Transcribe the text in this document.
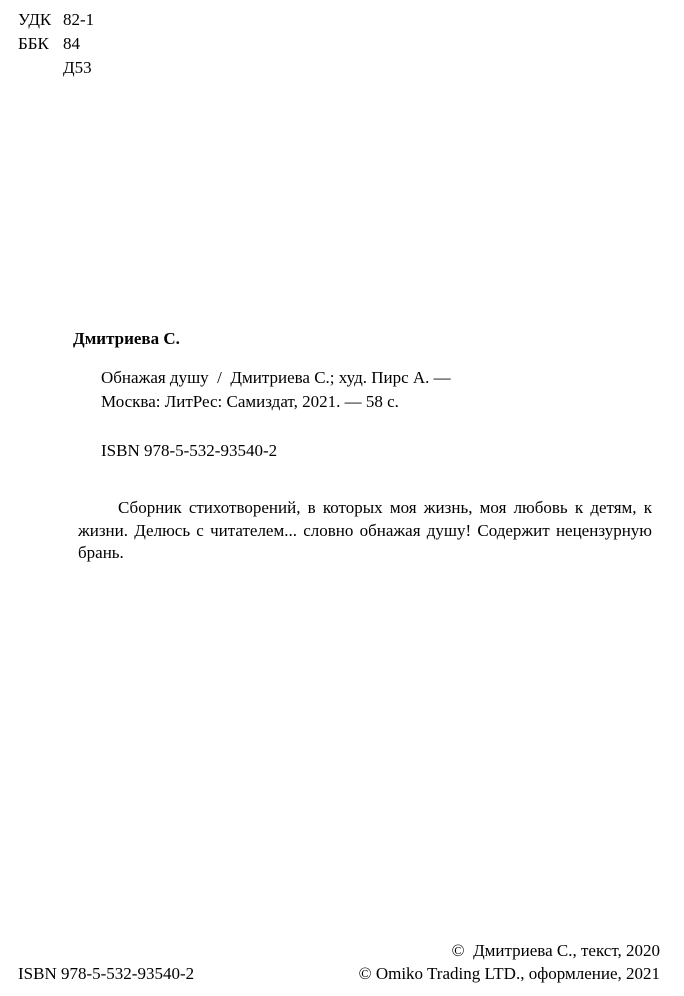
УДК 82-1
ББК 84
Д53
Дмитриева С.
Обнажая душу  /  Дмитриева С.; худ. Пирс А. —
Москва: ЛитРес: Самиздат, 2021. — 58 с.
ISBN 978-5-532-93540-2
Сборник стихотворений, в которых моя жизнь, моя любовь к детям, к жизни. Делюсь с читателем... словно обнажая душу! Содержит нецензурную брань.
ISBN 978-5-532-93540-2
©  Дмитриева С., текст, 2020
© Omiko Trading LTD., оформление, 2021
